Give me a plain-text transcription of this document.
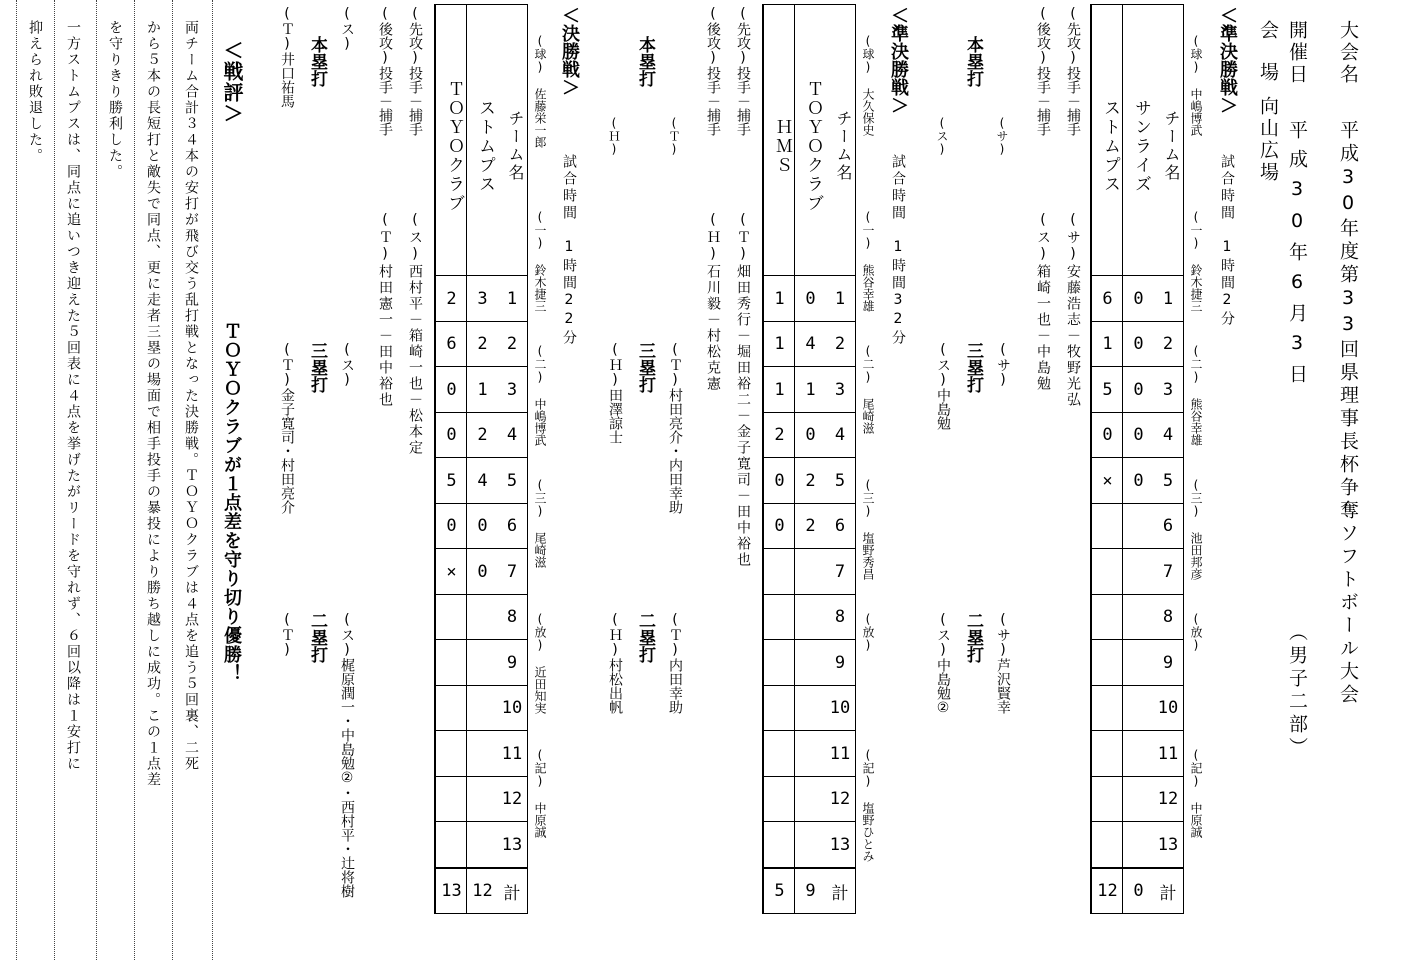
大会名
平成30年度第33回県理事長杯争奪ソフトボール大会
（男子二部）
開催日
平成30年6月3日
会　場
向山広場
＜準決勝戦＞
試合時間　1時間2分
(球) 中嶋博武
(一) 鈴木捷三
(二) 熊谷幸雄
(三) 池田邦彦
(放)
(記) 中原誠
チーム名
1
2
3
4
5
6
7
8
9
10
11
12
13
計
サンライズ
0
0
0
0
0
0
ストムプス
6
1
5
0
×
12
(先攻)投手－捕手
(サ)安藤浩志－牧野光弘
(後攻)投手－捕手
(ス)箱崎一也－中島勉
(サ)
(ス)
本塁打
三塁打 (サ)
(ス)中島勉
二塁打 (サ)芦沢賢幸
(ス)中島勉②
＜準決勝戦＞
試合時間　1時間32分
(球) 大久保史
(一) 熊谷幸雄
(二) 尾崎滋
(三) 塩野秀昌
(放)
(記) 塩野ひとみ
チーム名
1
2
3
4
5
6
7
8
9
10
11
12
13
計
ＴＯＹＯクラブ
0
4
1
0
2
2
9
ＨＭＳ
1
1
1
2
0
0
5
(先攻)投手－捕手
(Ｔ)畑田秀行－堀田裕二－金子寛司－田中裕也
(後攻)投手－捕手
(Ｈ)石川毅－村松克憲
(Ｔ)
(Ｈ)
本塁打
三塁打 (Ｔ)村田亮介・内田幸助
(Ｈ)田澤諒士
二塁打 (Ｔ)内田幸助
(Ｈ)村松出帆
＜決勝戦＞
試合時間　1時間22分
(球) 佐藤栄一郎
(一) 鈴木捷三
(二) 中嶋博武
(三) 尾崎滋
(放) 近田知実
(記) 中原誠
チーム名
1
2
3
4
5
6
7
8
9
10
11
12
13
計
ストムプス
3
2
1
2
4
0
0
12
ＴＯＹＯクラブ
2
6
0
0
5
0
×
13
(先攻)投手－捕手
(ス)西村平－箱崎一也－松本定
(後攻)投手－捕手
(Ｔ)村田憲一－田中裕也
(ス)
(Ｔ)井口祐馬 本塁打
三塁打 (ス)
(Ｔ)金子寛司・村田亮介
二塁打 (ス)梶原潤一・中島勉②・西村平・辻将樹
(Ｔ)
＜戦評＞
ＴＯＹＯクラブが１点差を守り切り優勝！
両チーム合計３４本の安打が飛び交う乱打戦となった決勝戦。ＴＯＹＯクラブは４点を追う５回裏、二死
から５本の長短打と敵失で同点、更に走者三塁の場面で相手投手の暴投により勝ち越しに成功。この１点差
を守りきり勝利した。
一方ストムプスは、同点に追いつき迎えた５回表に４点を挙げたがリードを守れず、６回以降は１安打に
抑えられ敗退した。
